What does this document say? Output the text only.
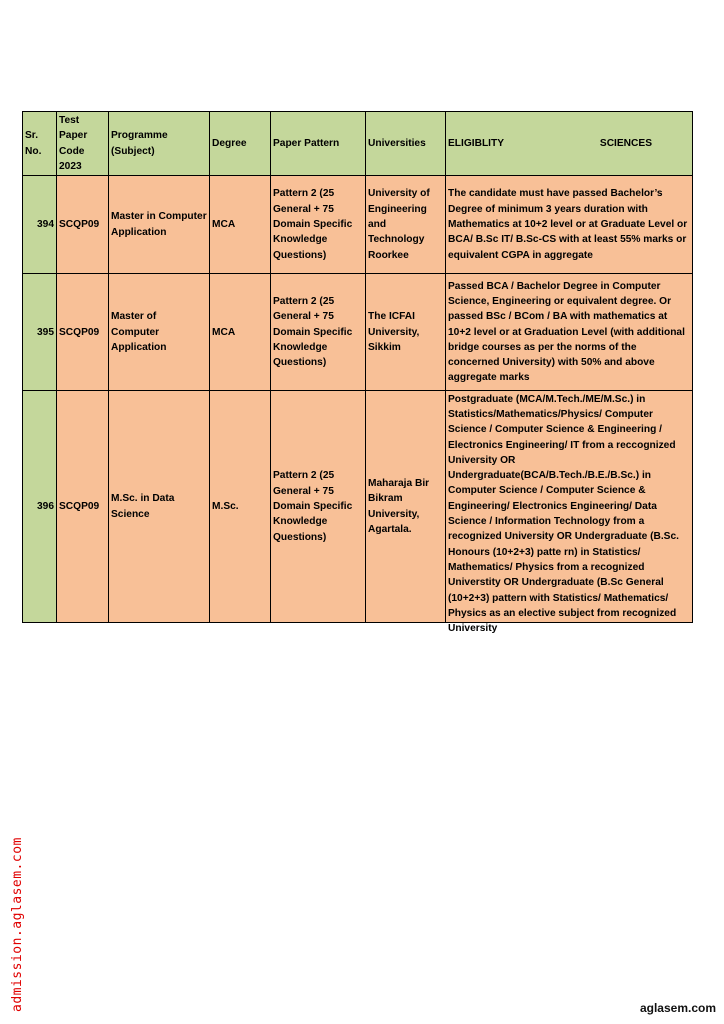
Sr. No.	Test Paper Code 2023	Programme (Subject)	Degree	Paper Pattern	Universities	ELIGIBLITY SCIENCES

394	SCQP09	Master in Computer Application	MCA	Pattern 2 (25 General + 75 Domain Specific Knowledge Questions)	University of Engineering and Technology Roorkee	The candidate must have passed Bachelor’s Degree of minimum 3 years duration with Mathematics at 10+2 level or at Graduate Level or BCA/ B.Sc IT/ B.Sc-CS with at least 55% marks or equivalent CGPA in aggregate
395	SCQP09	Master of Computer Application	MCA	Pattern 2 (25 General + 75 Domain Specific Knowledge Questions)	The ICFAI University, Sikkim	Passed BCA / Bachelor Degree in Computer Science, Engineering or equivalent degree. Or passed BSc / BCom / BA with mathematics at 10+2 level or at Graduation Level (with additional bridge courses as per the norms of the concerned University) with 50% and above aggregate marks
396	SCQP09	M.Sc. in Data Science	M.Sc.	Pattern 2 (25 General + 75 Domain Specific Knowledge Questions)	Maharaja Bir Bikram University, Agartala.	Postgraduate (MCA/M.Tech./ME/M.Sc.) in Statistics/Mathematics/Physics/ Computer Science / Computer Science & Engineering / Electronics Engineering/ IT from a reccognized University OR Undergraduate(BCA/B.Tech./B.E./B.Sc.) in Computer Science / Computer Science & Engineering/ Electronics Engineering/ Data Science / Information Technology from a recognized University OR Undergraduate (B.Sc. Honours (10+2+3) patte rn) in Statistics/ Mathematics/ Physics from a recognized Universtity OR Undergraduate (B.Sc General (10+2+3) pattern with Statistics/ Mathematics/ Physics as an elective subject from recognized University
admission.aglasem.com	aglasem.com
